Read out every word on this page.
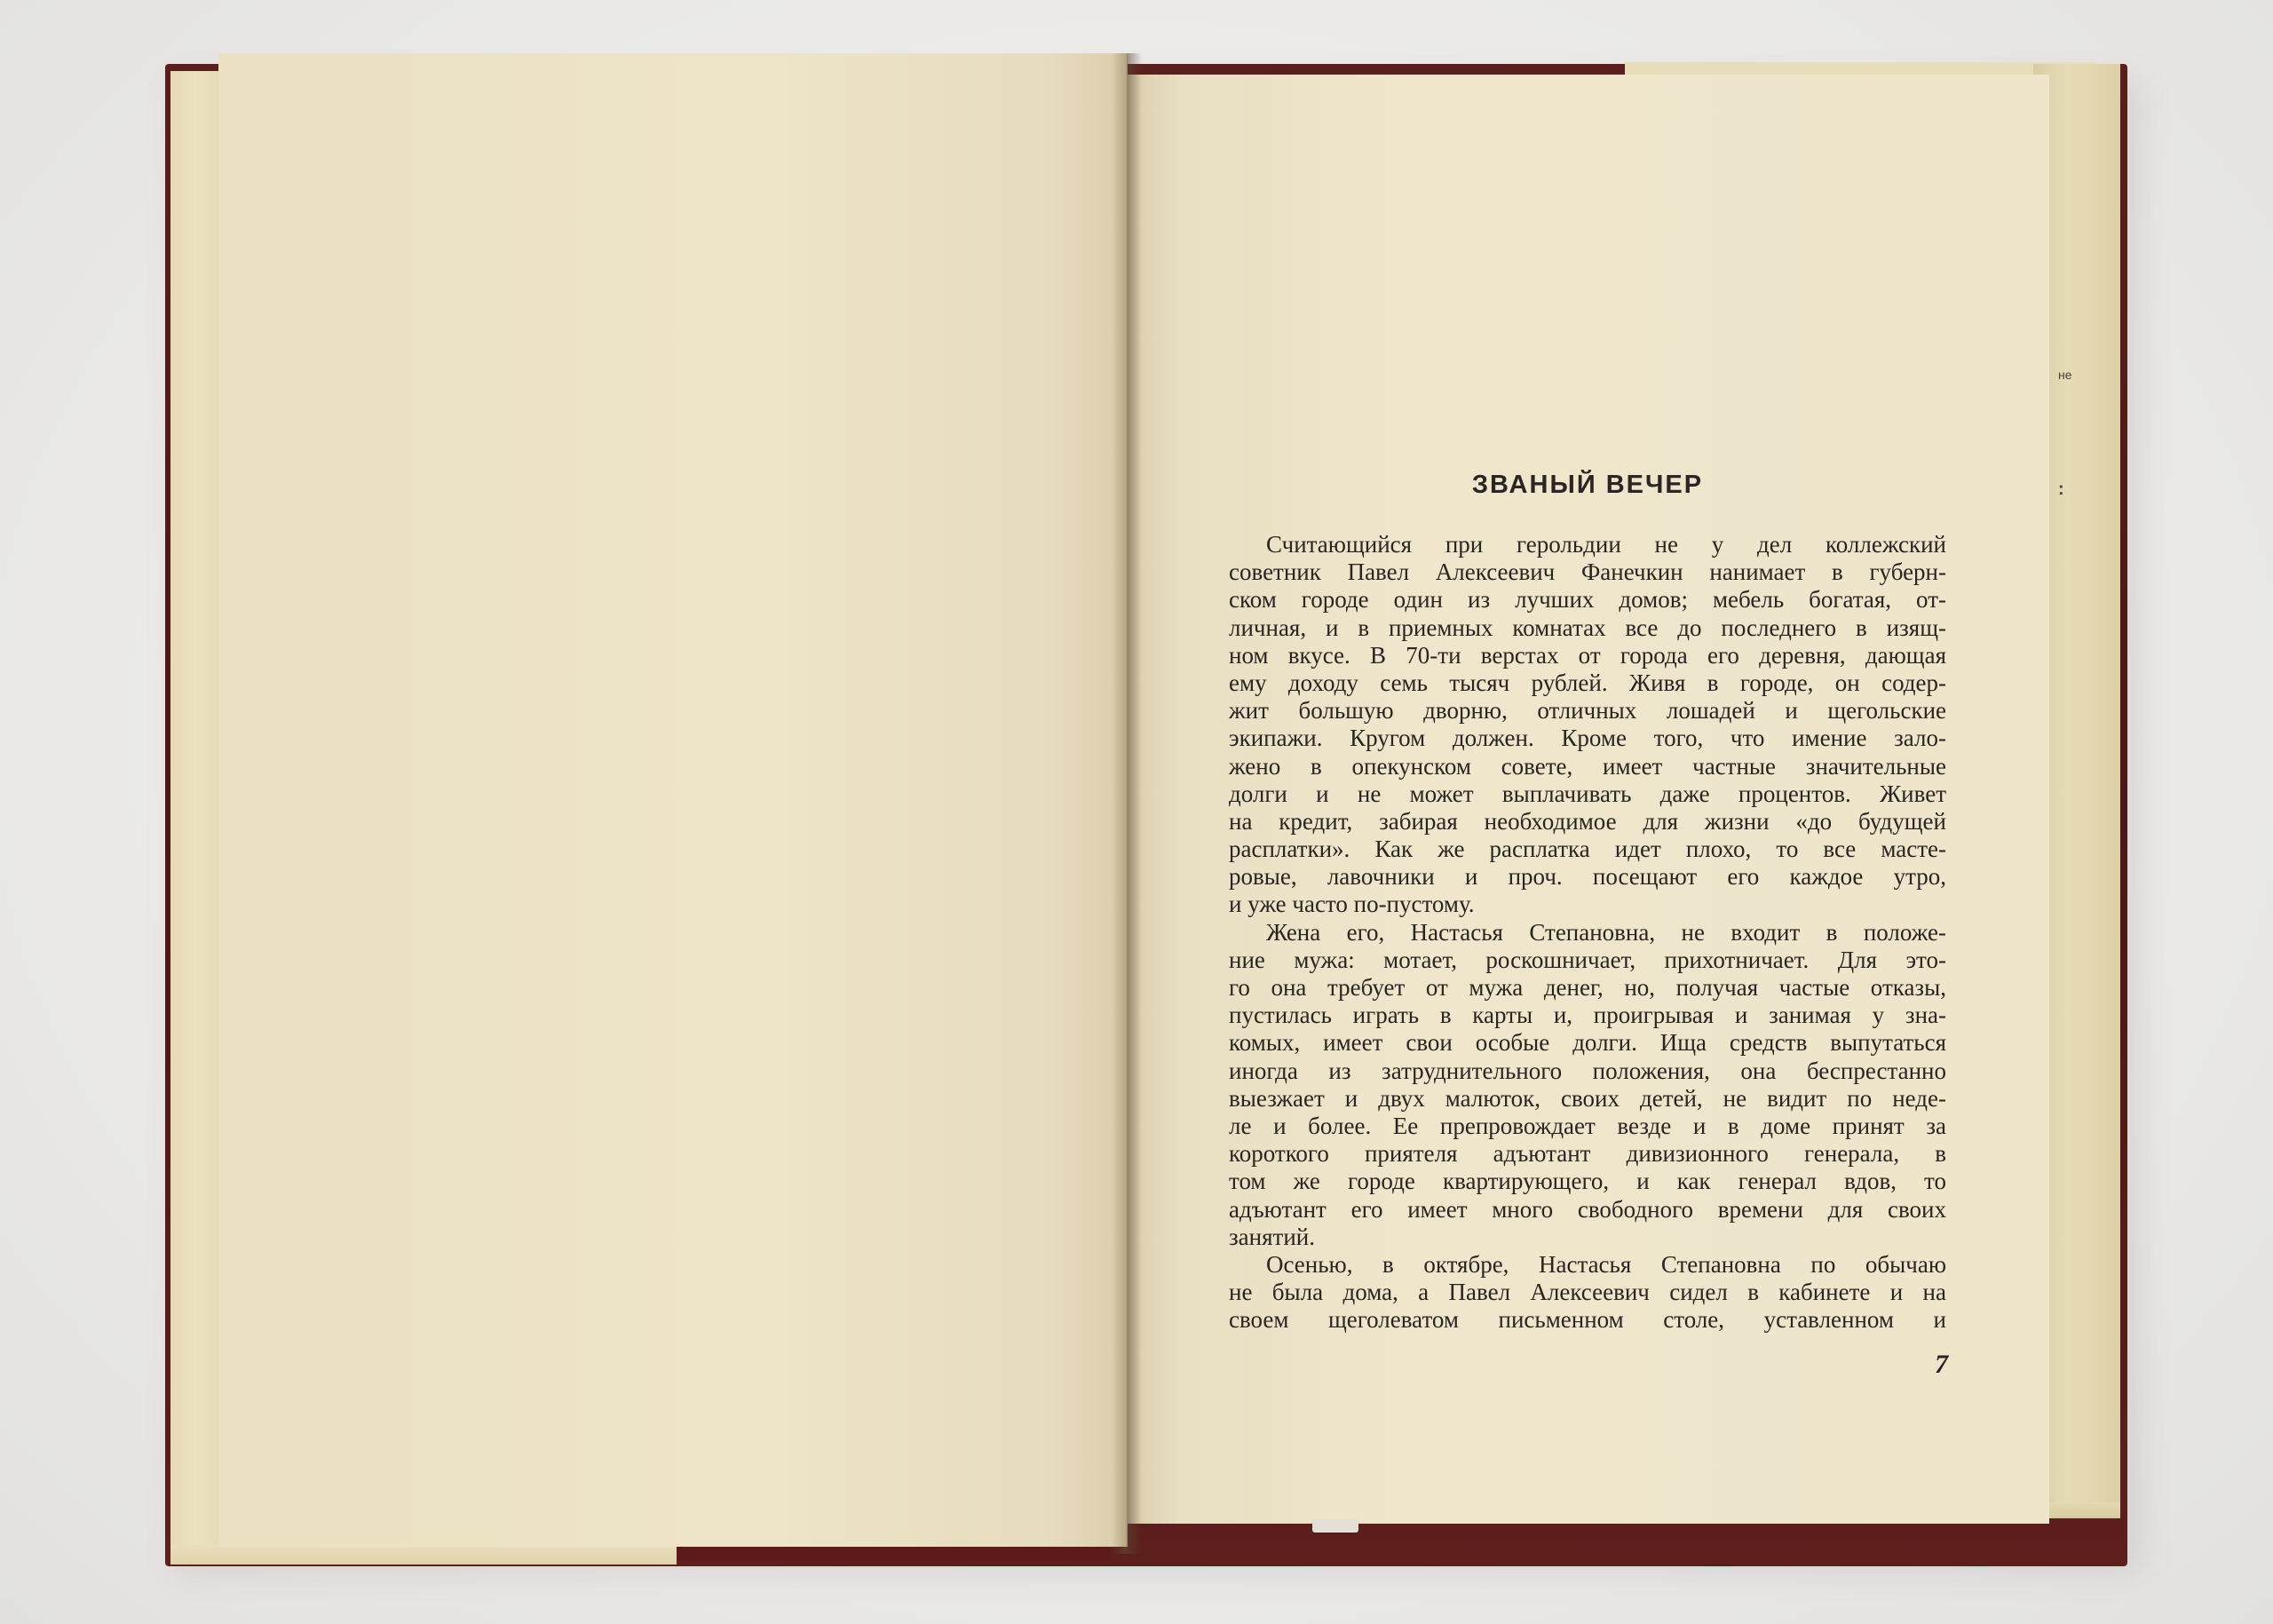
не
:
ЗВАНЫЙ ВЕЧЕР
Считающийся при герольдии не у дел коллежский
советник Павел Алексеевич Фанечкин нанимает в губерн-
ском городе один из лучших домов; мебель богатая, от-
личная, и в приемных комнатах все до последнего в изящ-
ном вкусе. В 70-ти верстах от города его деревня, дающая
ему доходу семь тысяч рублей. Живя в городе, он содер-
жит большую дворню, отличных лошадей и щегольские
экипажи. Кругом должен. Кроме того, что имение зало-
жено в опекунском совете, имеет частные значительные
долги и не может выплачивать даже процентов. Живет
на кредит, забирая необходимое для жизни «до будущей
расплатки». Как же расплатка идет плохо, то все масте-
ровые, лавочники и проч. посещают его каждое утро,
и уже часто по-пустому.
Жена его, Настасья Степановна, не входит в положе-
ние мужа: мотает, роскошничает, прихотничает. Для это-
го она требует от мужа денег, но, получая частые отказы,
пустилась играть в карты и, проигрывая и занимая у зна-
комых, имеет свои особые долги. Ища средств выпутаться
иногда из затруднительного положения, она беспрестанно
выезжает и двух малюток, своих детей, не видит по неде-
ле и более. Ее препровождает везде и в доме принят за
короткого приятеля адъютант дивизионного генерала, в
том же городе квартирующего, и как генерал вдов, то
адъютант его имеет много свободного времени для своих
занятий.
Осенью, в октябре, Настасья Степановна по обычаю
не была дома, а Павел Алексеевич сидел в кабинете и на
своем щеголеватом письменном столе, уставленном и
7
